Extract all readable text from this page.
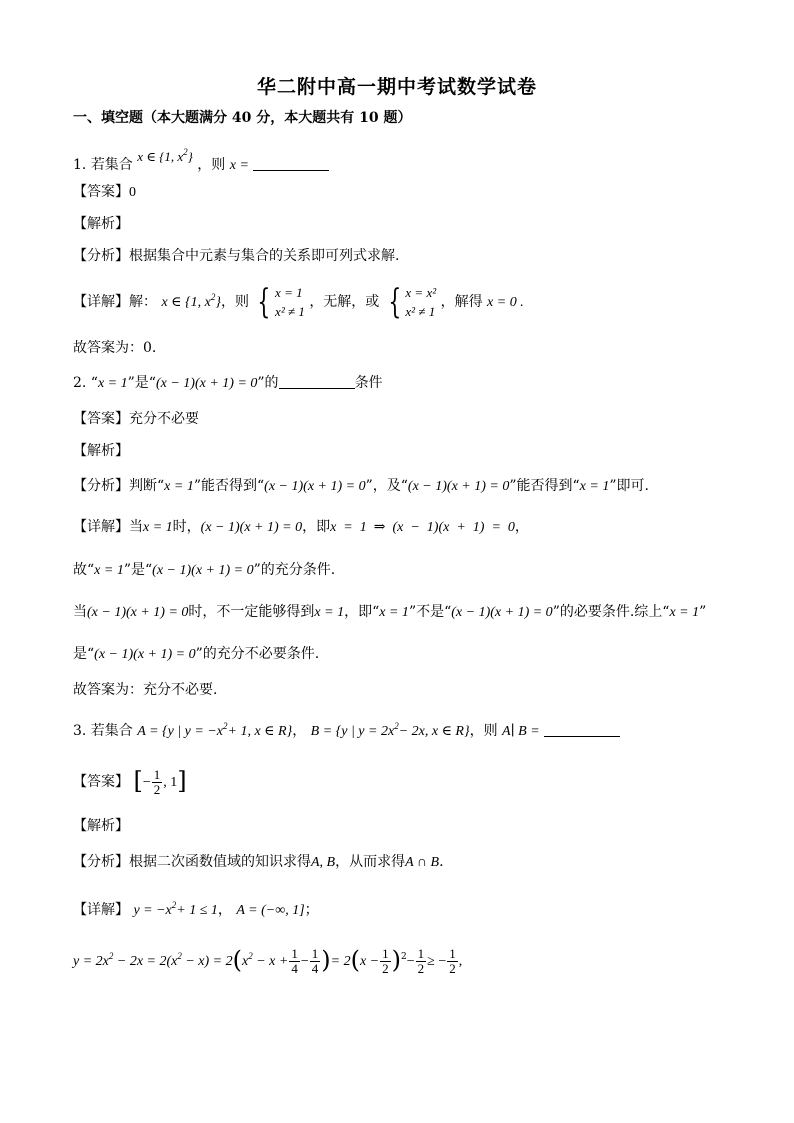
华二附中高一期中考试数学试卷
一、填空题（本大题满分 40 分，本大题共有 10 题）
1. 若集合 x ∈ {1, $x^2$} ，则 x =
【答案】0
【解析】
【分析】根据集合中元素与集合的关系即可列式求解.
【详解】解： x ∈ {1, $x^2$}，则 { x = 1
x² ≠ 1
，无解，或 { x = x²
x² ≠ 1
，解得 x = 0 .
故答案为：0.
2. “x = 1”是“(x − 1)(x + 1) = 0”的	条件
【答案】充分不必要
【解析】
【分析】判断“x = 1”能否得到“(x − 1)(x + 1) = 0”，及“(x − 1)(x + 1) = 0”能否得到“x = 1”即可.
【详解】当x = 1时，(x − 1)(x + 1) = 0，即x  =  1  ⇒  (x  −  1)(x  +  1)  =  0，
故“x = 1”是“(x − 1)(x + 1) = 0”的充分条件.
当(x − 1)(x + 1) = 0时，不一定能够得到x = 1，即“x = 1”不是“(x − 1)(x + 1) = 0”的必要条件.综上“x = 1”
是“(x − 1)(x + 1) = 0”的充分不必要条件.
故答案为：充分不必要.
3. 若集合 A = {y | $y = -x^2+ 1$, x ∈ R}， B = {y | $y = 2x^2- 2x$, x ∈ R}，则 A∣ B =
【答案】 [− $\frac{1}{2}$ , 1]
【解析】
【分析】根据二次函数值域的知识求得A, B，从而求得A ∩ B.
【详解】 $y = -x^2+ 1 \le 1$， A = (−∞, 1]；
$y = 2x^2 - 2x = 2(x^2 - x) = 2(x^2 - x + \frac{1}{4} - \frac{1}{4}$ )= $2(x - \frac{1}{2} )^2- \frac{1}{2}$ ≥ − $\frac{1}{2}$ ,
